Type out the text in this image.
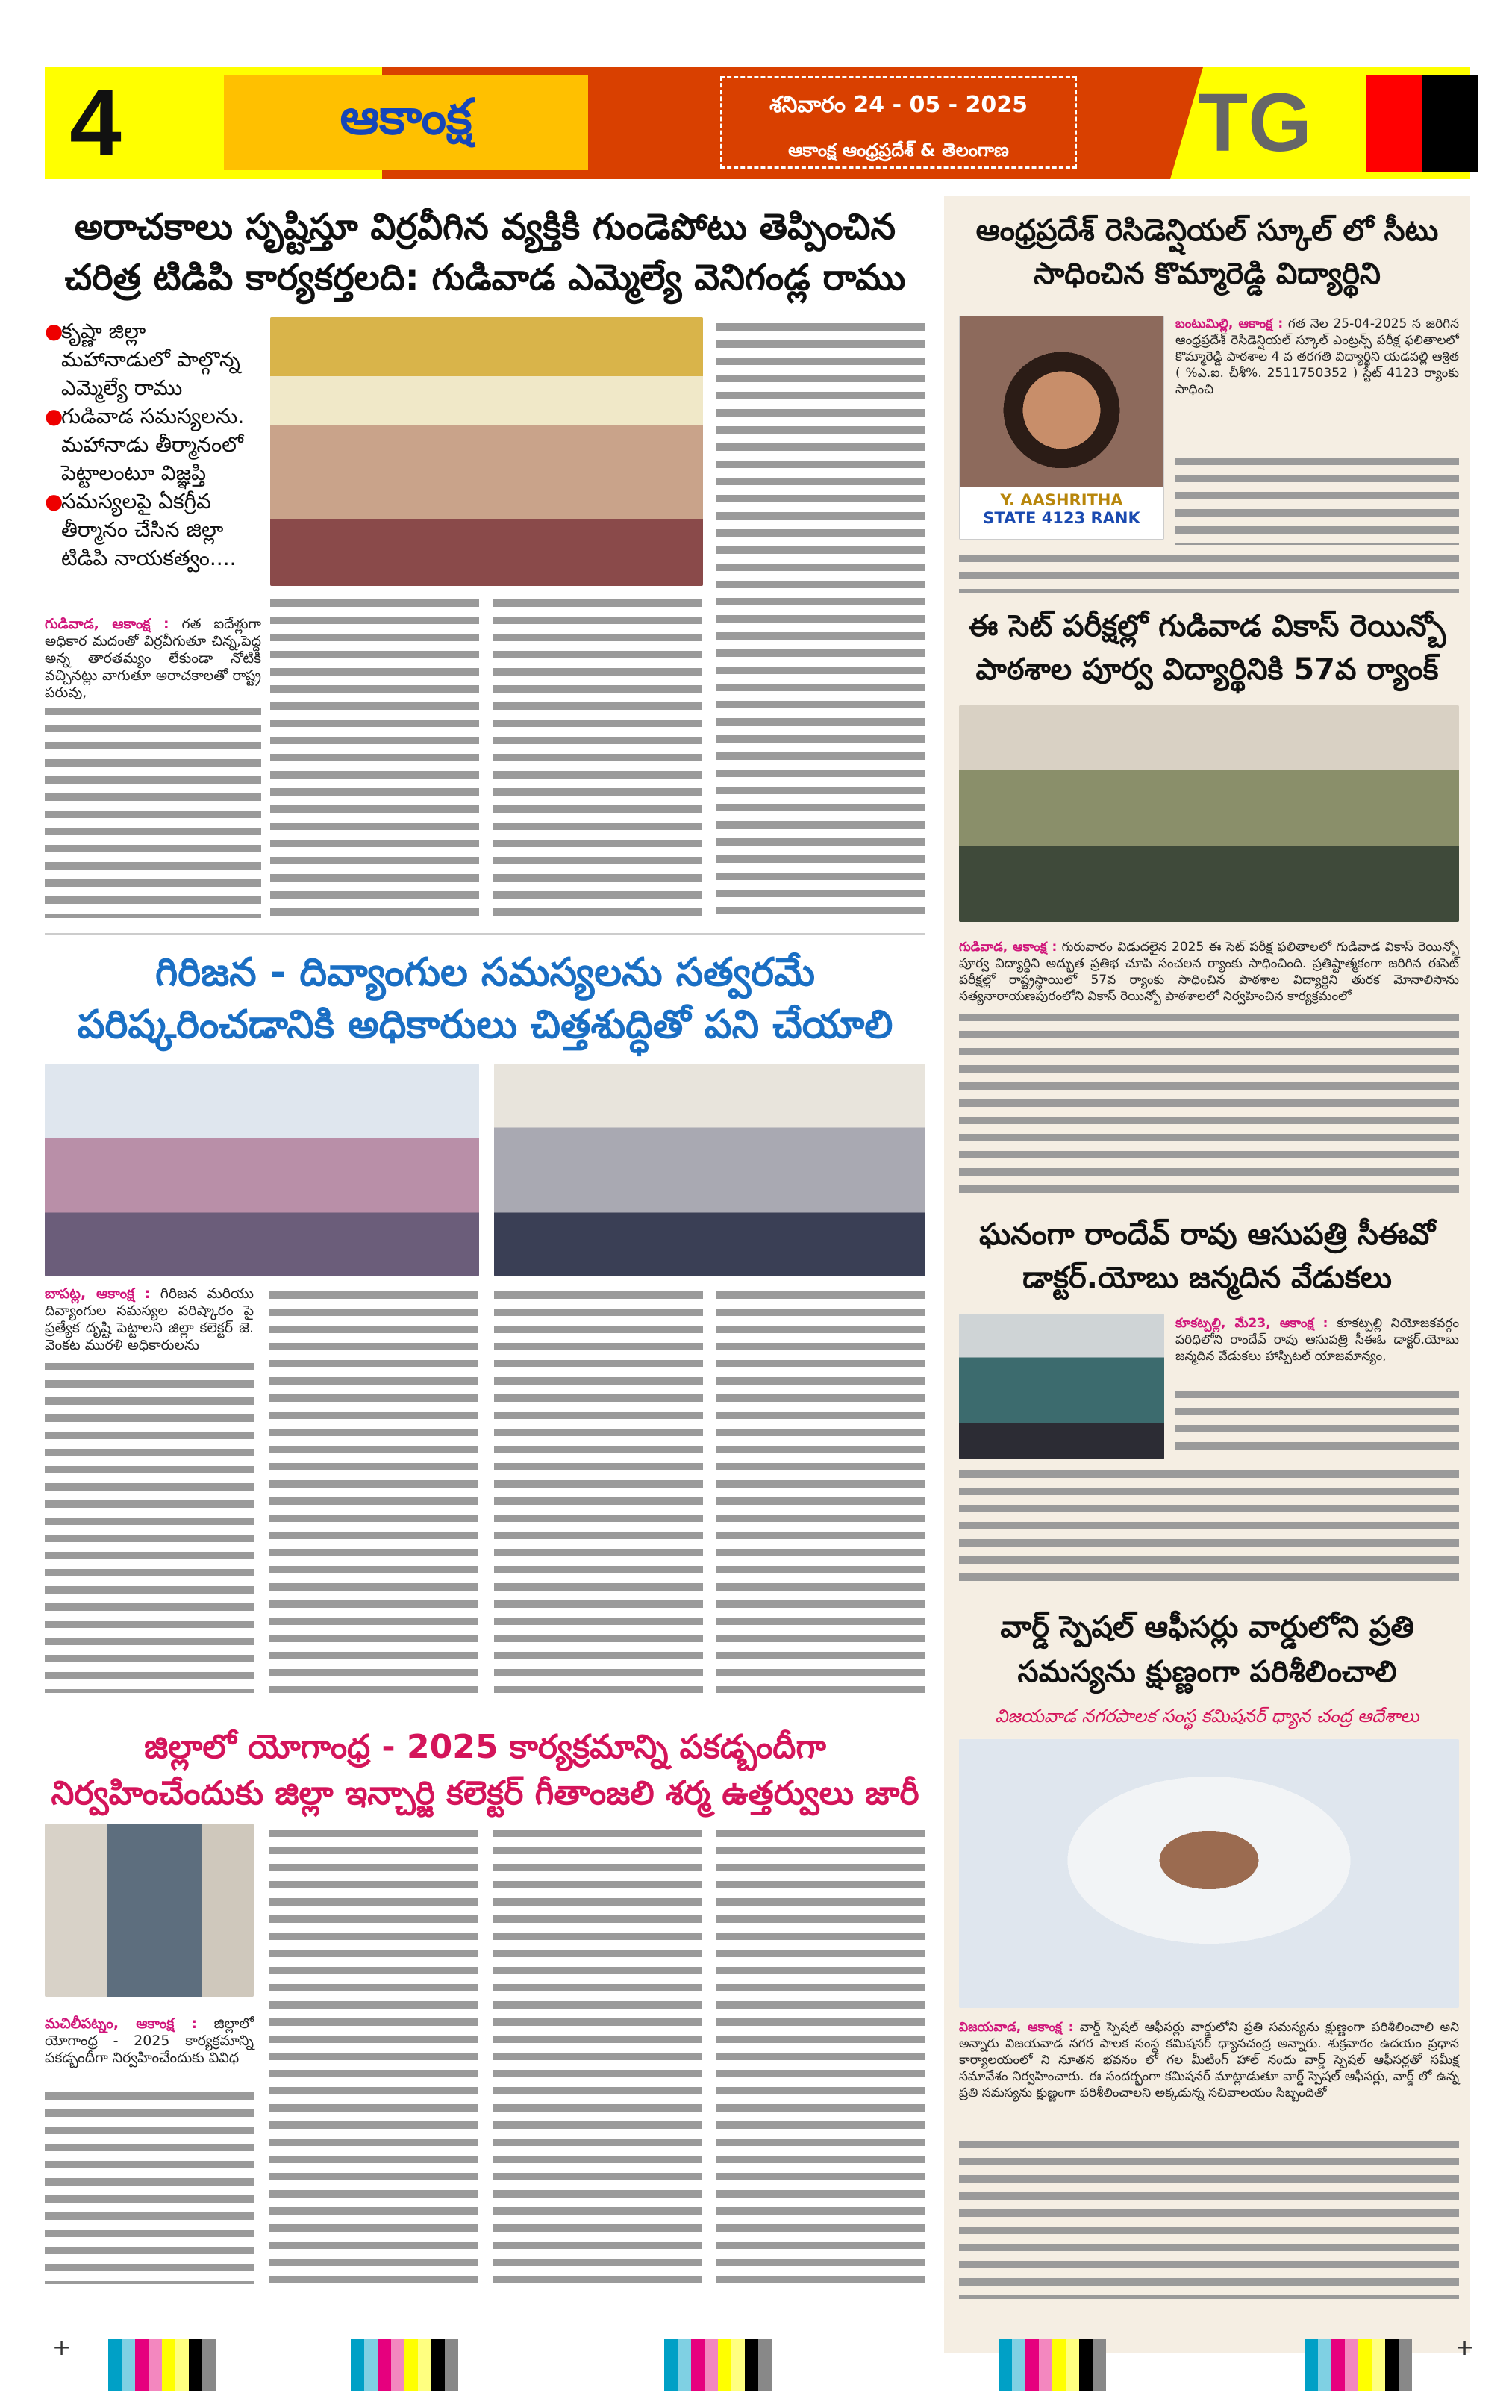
4	ఆకాంక్ష	శనివారం 24 - 05 - 2025
ఆకాంక్ష ఆంధ్రప్రదేశ్ & తెలంగాణ	TG
అరాచకాలు సృష్టిస్తూ విర్రవీగిన వ్యక్తికి గుండెపోటు తెప్పించిన చరిత్ర టిడిపి కార్యకర్తలది: గుడివాడ ఎమ్మెల్యే వెనిగండ్ల రాము
●
కృష్ణా జిల్లా మహానాడులో పాల్గొన్న ఎమ్మెల్యే రాము
●
గుడివాడ సమస్యలను. మహానాడు తీర్మానంలో పెట్టాలంటూ విజ్ఞప్తి
●
సమస్యలపై ఏకగ్రీవ తీర్మానం చేసిన జిల్లా టిడిపి నాయకత్వం....
గుడివాడ, ఆకాంక్ష : గత ఐదేళ్లుగా అధికార మదంతో విర్రవీగుతూ చిన్న,పెద్ద అన్న తారతమ్యం లేకుండా నోటికి వచ్చినట్లు వాగుతూ అరాచకాలతో రాష్ట్ర పరువు,
గిరిజన - దివ్యాంగుల సమస్యలను సత్వరమే పరిష్కరించడానికి అధికారులు చిత్తశుద్ధితో పని చేయాలి
బాపట్ల, ఆకాంక్ష : గిరిజన మరియు దివ్యాంగుల సమస్యల పరిష్కారం పై ప్రత్యేక దృష్టి పెట్టాలని జిల్లా కలెక్టర్ జె. వెంకట మురళి అధికారులను
జిల్లాలో యోగాంధ్ర - 2025 కార్యక్రమాన్ని పకడ్బందీగా నిర్వహించేందుకు జిల్లా ఇన్చార్జి కలెక్టర్ గీతాంజలి శర్మ ఉత్తర్వులు జారీ
మచిలీపట్నం, ఆకాంక్ష : జిల్లాలో యోగాంధ్ర - 2025 కార్యక్రమాన్ని పకడ్బందీగా నిర్వహించేందుకు వివిధ
ఆంధ్రప్రదేశ్ రెసిడెన్షియల్ స్కూల్ లో సీటు సాధించిన కొమ్మారెడ్డి విద్యార్థిని
Y. AASHRITHA
STATE 4123 RANK
బంటుమిల్లి, ఆకాంక్ష : గత నెల 25-04-2025 న జరిగిన ఆంధ్రప్రదేశ్ రెసిడెన్షియల్ స్కూల్ ఎంట్రన్స్ పరీక్ష ఫలితాలలో కొమ్మారెడ్డి పాఠశాల 4 వ తరగతి విద్యార్థిని యడవల్లి ఆశ్రిత ( %ఎ.ఐ. చీశీ%. 2511750352 ) స్టేట్ 4123 ర్యాంకు సాధించి
ఈ సెట్ పరీక్షల్లో గుడివాడ వికాస్ రెయిన్బో పాఠశాల పూర్వ విద్యార్థినికి 57వ ర్యాంక్
గుడివాడ, ఆకాంక్ష : గురువారం విడుదలైన 2025 ఈ సెట్ పరీక్ష ఫలితాలలో గుడివాడ వికాస్ రెయిన్బో పూర్వ విద్యార్థిని అద్భుత ప్రతిభ చూపి సంచలన ర్యాంకు సాధించింది. ప్రతిష్టాత్మకంగా జరిగిన ఈసెట్ పరీక్షల్లో రాష్ట్రస్థాయిలో 57వ ర్యాంకు సాధించిన పాఠశాల విద్యార్థిని తురక మోనాలిసాను సత్యనారాయణపురంలోని వికాస్ రెయిన్బో పాఠశాలలో నిర్వహించిన కార్యక్రమంలో
ఘనంగా రాందేవ్ రావు ఆసుపత్రి సీఈవో డాక్టర్.యోబు జన్మదిన వేడుకలు
కూకట్పల్లి, మే23, ఆకాంక్ష : కూకట్పల్లి నియోజకవర్గం పరిధిలోని రాందేవ్ రావు ఆసుపత్రి సీఈఓ డాక్టర్.యోబు జన్మదిన వేడుకలు హాస్పిటల్ యాజమాన్యం,
వార్డ్ స్పెషల్ ఆఫీసర్లు వార్డులోని ప్రతి సమస్యను క్షుణ్ణంగా పరిశీలించాలి
విజయవాడ నగరపాలక సంస్థ కమిషనర్ ధ్యాన చంద్ర ఆదేశాలు
విజయవాడ, ఆకాంక్ష : వార్డ్ స్పెషల్ ఆఫీసర్లు వార్డులోని ప్రతి సమస్యను క్షుణ్ణంగా పరిశీలించాలి అని అన్నారు విజయవాడ నగర పాలక సంస్థ కమిషనర్ ధ్యానచంద్ర అన్నారు. శుక్రవారం ఉదయం ప్రధాన కార్యాలయంలో ని నూతన భవనం లో గల మీటింగ్ హాల్ నందు వార్డ్ స్పెషల్ ఆఫీసర్లతో సమీక్ష సమావేశం నిర్వహించారు. ఈ సందర్భంగా కమిషనర్ మాట్లాడుతూ వార్డ్ స్పెషల్ ఆఫీసర్లు, వార్డ్ లో ఉన్న ప్రతి సమస్యను క్షుణ్ణంగా పరిశీలించాలని అక్కడున్న సచివాలయం సిబ్బందితో
+	+
